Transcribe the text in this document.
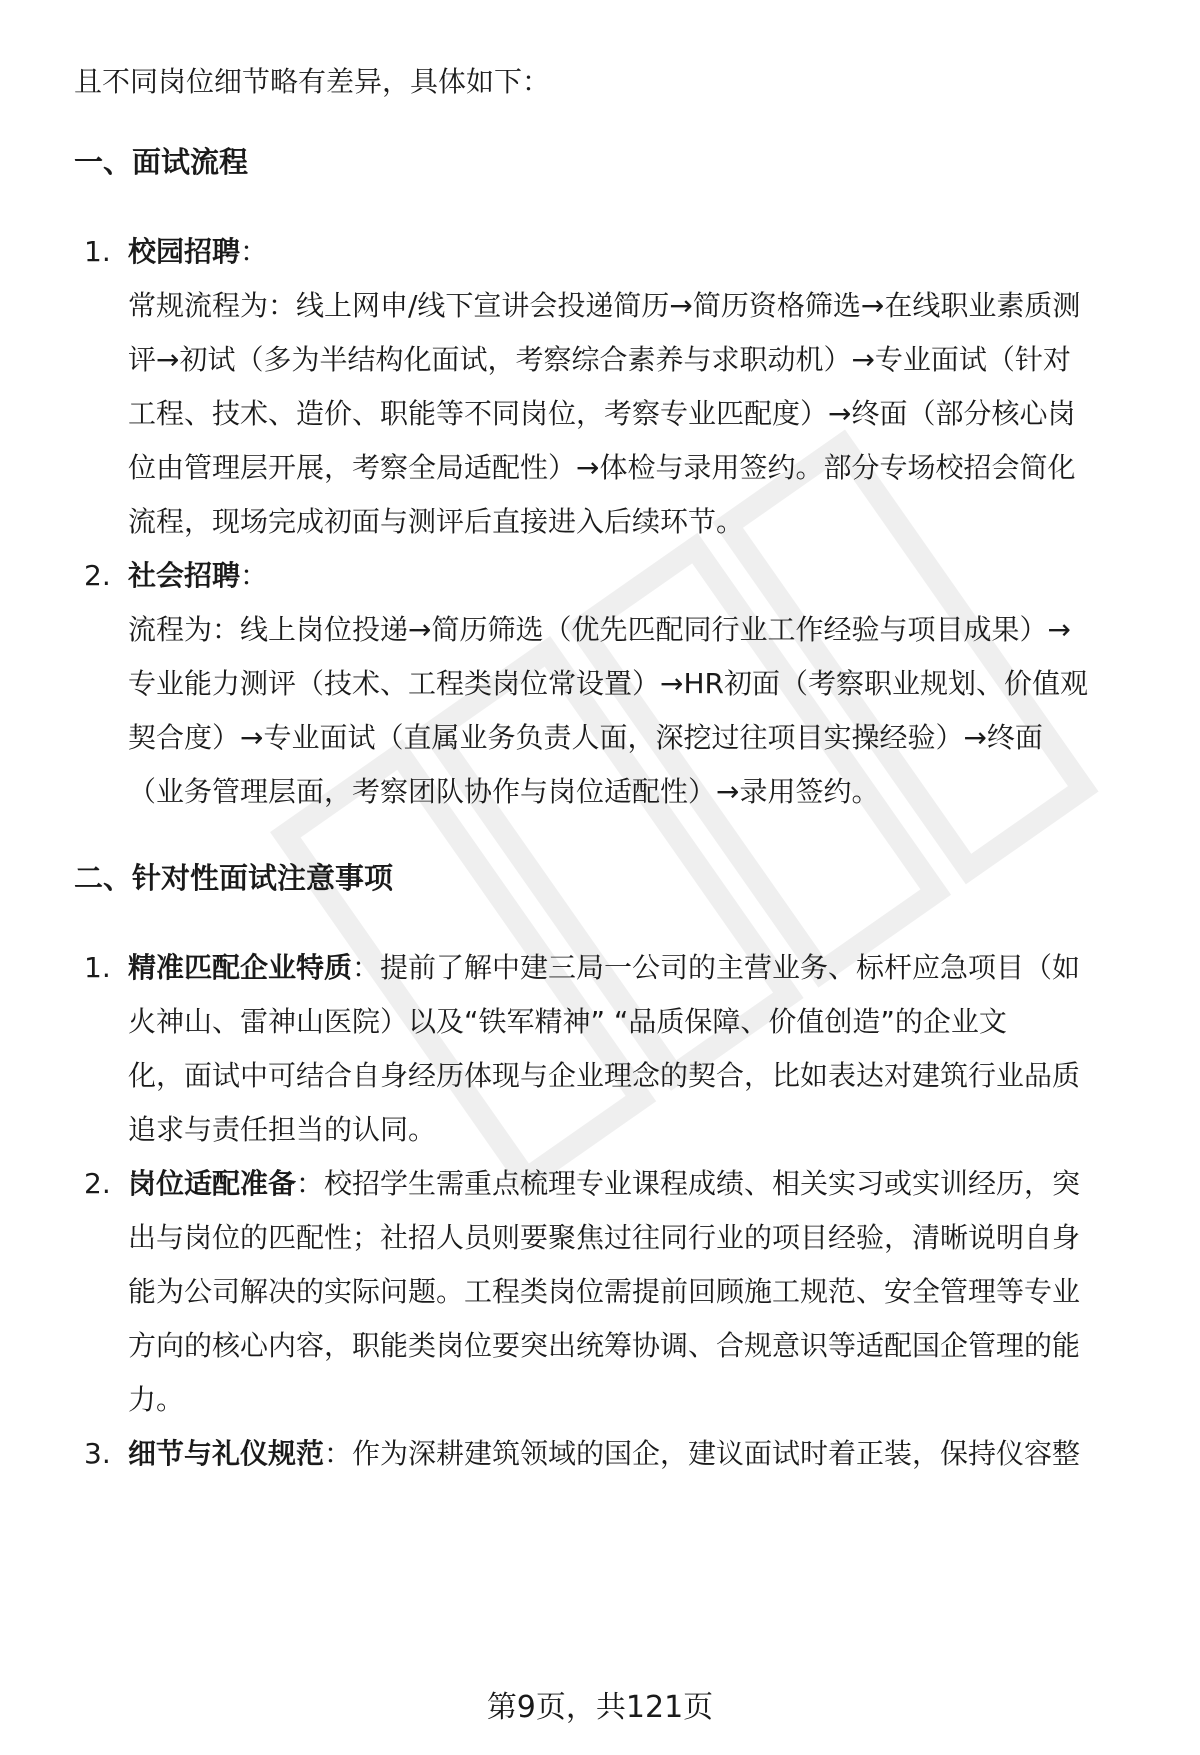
且不同岗位细节略有差异，具体如下：

一、面试流程
1. 校园招聘：
常规流程为：线上网申/线下宣讲会投递简历→简历资格筛选→在线职业素质测
评→初试（多为半结构化面试，考察综合素养与求职动机）→专业面试（针对
工程、技术、造价、职能等不同岗位，考察专业匹配度）→终面（部分核心岗
位由管理层开展，考察全局适配性）→体检与录用签约。部分专场校招会简化
流程，现场完成初面与测评后直接进入后续环节。
2. 社会招聘：
流程为：线上岗位投递→简历筛选（优先匹配同行业工作经验与项目成果）→
专业能力测评（技术、工程类岗位常设置）→HR初面（考察职业规划、价值观
契合度）→专业面试（直属业务负责人面，深挖过往项目实操经验）→终面
（业务管理层面，考察团队协作与岗位适配性）→录用签约。
二、针对性面试注意事项
1. 精准匹配企业特质：提前了解中建三局一公司的主营业务、标杆应急项目（如
火神山、雷神山医院）以及“铁军精神” “品质保障、价值创造”的企业文
化，面试中可结合自身经历体现与企业理念的契合，比如表达对建筑行业品质
追求与责任担当的认同。
2. 岗位适配准备：校招学生需重点梳理专业课程成绩、相关实习或实训经历，突
出与岗位的匹配性；社招人员则要聚焦过往同行业的项目经验，清晰说明自身
能为公司解决的实际问题。工程类岗位需提前回顾施工规范、安全管理等专业
方向的核心内容，职能类岗位要突出统筹协调、合规意识等适配国企管理的能
力。
3. 细节与礼仪规范：作为深耕建筑领域的国企，建议面试时着正装，保持仪容整
第9页，共121页
